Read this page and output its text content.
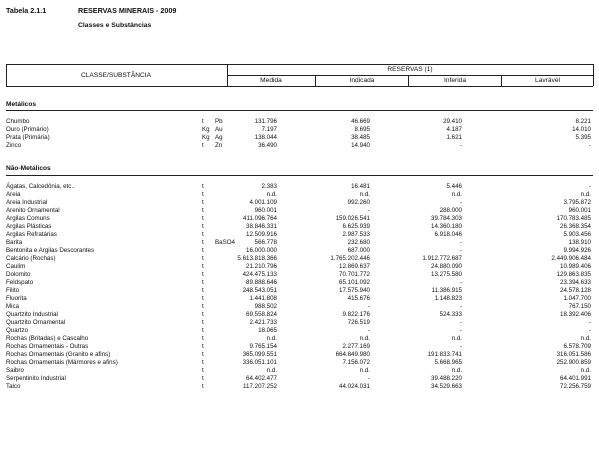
Tabela 2.1.1	RESERVAS MINERAIS - 2009
Classes e Substâncias
CLASSE/SUBSTÂNCIA
RESERVAS (1)
Medida	Indicada	Inferida	Lavrável
Metálicos
Chumbo	t Pb	131.796	46.669	29.410	8.221
Ouro (Primário)	Kg Au	7.197	8.695	4.187	14.010
Prata (Primária)	Kg Ag	138.044	38.485	1.621	5.395
Zinco	t Zn	36.490	14.940	-	-
Não-Metálicos
Ágatas, Calcedônia, etc..	t	2.383	16.481	5.446	-
Areia	t	n.d.	n.d.	n.d.	n.d.
Areia Industrial	t	4.001.109	992.260	-	3.795.872
Arenito Ornamental	t	960.001	-	288.000	960.001
Argilas Comuns	t	411.096.764	159.026.541	39.784.303	170.783.485
Argilas Plásticas	t	38.846.331	6.625.939	14.360.180	26.368.354
Argilas Refratárias	t	12.509.916	2.987.533	6.918.046	5.903.456
Barita	t BaSO4	566.778	232.680	-	138.910
Bentonita e Argilas Descorantes	t	16.000.000	687.000	-	9.994.926
Calcário (Rochas)	t	5.613.818.366	1.765.202.446	1.912.772.687	2.449.906.484
Caulim	t	21.210.796	12.869.637	24.880.090	10.989.406
Dolomito	t	424.475.133	70.701.772	13.275.580	129.863.835
Feldspato	t	89.888.646	65.101.092	-	23.394.633
Filito	t	248.543.051	17.575.940	11.386.915	24.578.128
Fluorita	t	1.441.808	415.676	1.148.823	1.047.700
Mica	t	988.502	-	-	767.150
Quartzito Industrial	t	69.558.824	9.822.176	524.333	18.392.406
Quartzito Ornamental	t	2.421.733	726.519	-	-
Quartzo	t	18.065	-	-	-
Rochas (Britadas) e Cascalho	t	n.d.	n.d.	n.d.	n.d.
Rochas Ornamentais - Outras	t	9.765.154	2.277.169	-	6.578.709
Rochas Ornamentais (Granito e afins)	t	365.099.551	664.849.980	191.833.741	316.051.586
Rochas Ornamentais (Mármores e afins)	t	336.051.101	7.156.072	5.668.965	252.900.859
Saibro	t	n.d.	n.d.	n.d.	n.d.
Serpentinito Industrial	t	64.402.477	-	39.488.220	64.401.991
Talco	t	117.207.252	44.024.031	34.529.663	72.256.759
